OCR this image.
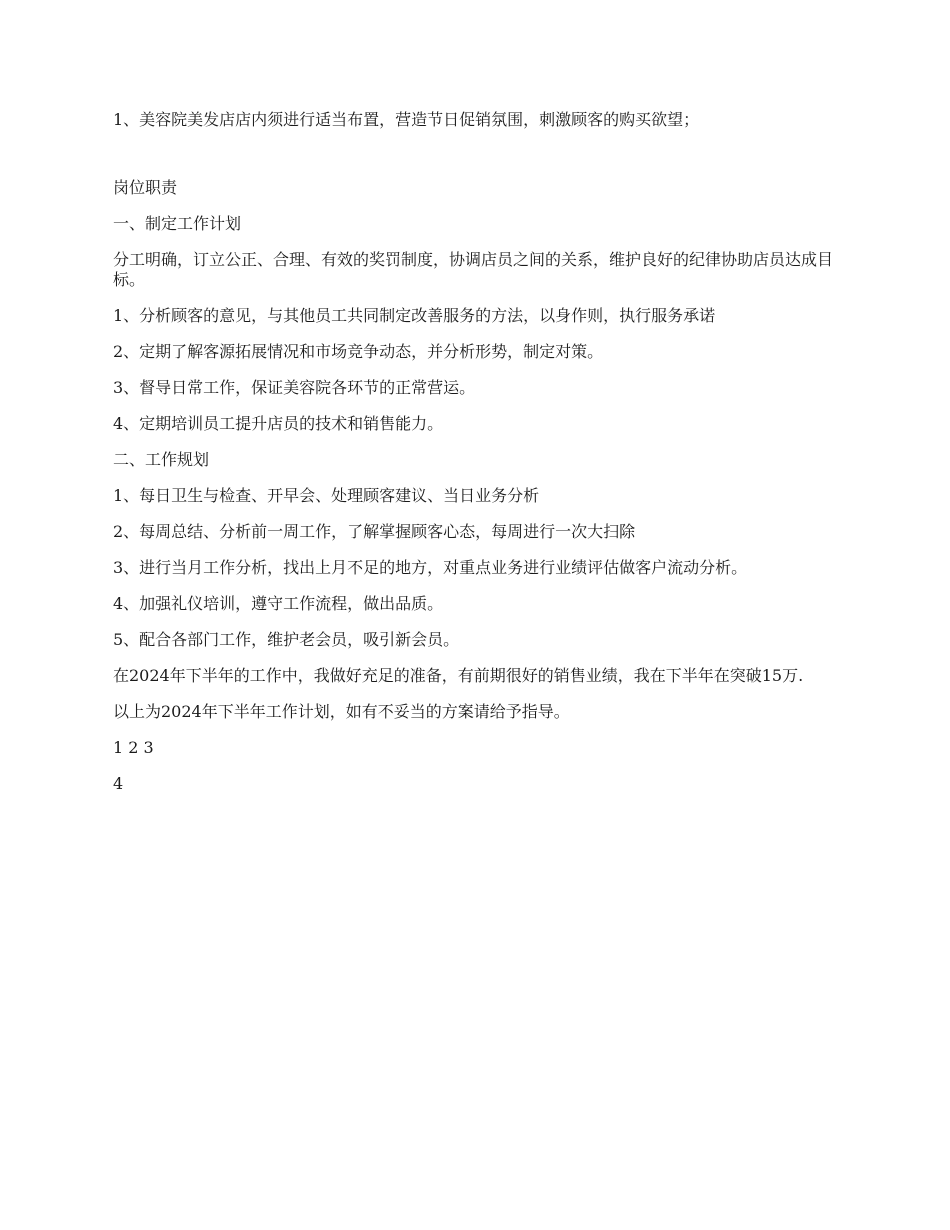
1、美容院美发店店内须进行适当布置，营造节日促销氛围，刺激顾客的购买欲望；

岗位职责

一、制定工作计划

分工明确，订立公正、合理、有效的奖罚制度，协调店员之间的关系，维护良好的纪律协助店员达成目标。

1、分析顾客的意见，与其他员工共同制定改善服务的方法，以身作则，执行服务承诺

2、定期了解客源拓展情况和市场竞争动态，并分析形势，制定对策。

3、督导日常工作，保证美容院各环节的正常营运。

4、定期培训员工提升店员的技术和销售能力。

二、工作规划

1、每日卫生与检查、开早会、处理顾客建议、当日业务分析

2、每周总结、分析前一周工作，了解掌握顾客心态，每周进行一次大扫除

3、进行当月工作分析，找出上月不足的地方，对重点业务进行业绩评估做客户流动分析。

4、加强礼仪培训，遵守工作流程，做出品质。

5、配合各部门工作，维护老会员，吸引新会员。

在2024年下半年的工作中，我做好充足的准备，有前期很好的销售业绩，我在下半年在突破15万.

以上为2024年下半年工作计划，如有不妥当的方案请给予指导。

1 2 3

4
